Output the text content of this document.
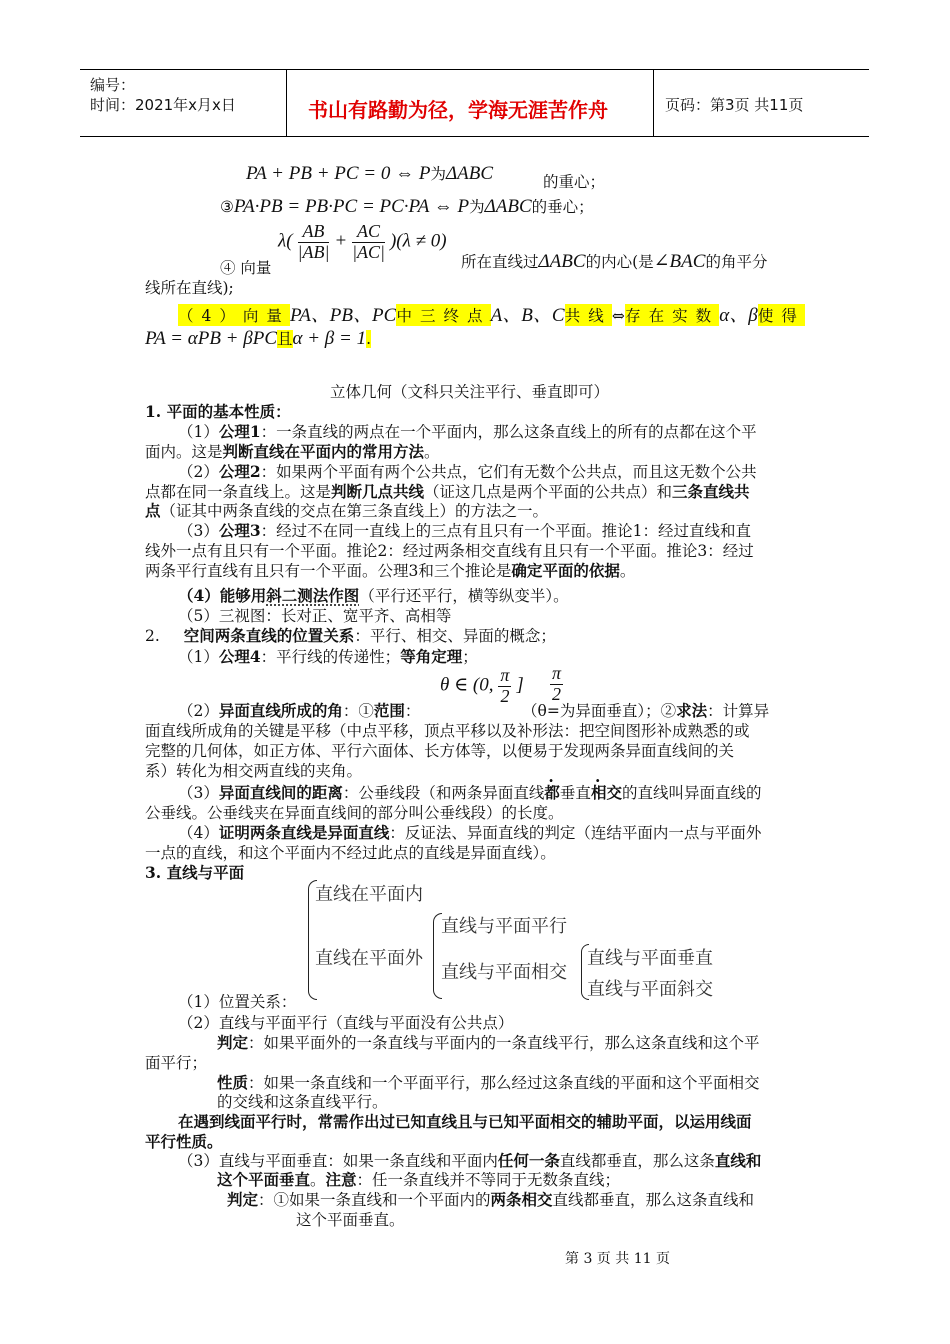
编号：
时间：2021年x月x日	书山有路勤为径，学海无涯苦作舟	页码：第3页 共11页
PA + PB + PC = 0 ⇔ P为ΔABC	的重心；
③PA·PB = PB·PC = PC·PA ⇔ P为ΔABC的垂心；
$\lambda( \frac{AB}{|AB|} + \frac{AC}{|AC|} )(\lambda \ne 0)$
④ 向量	所在直线过ΔABC的内心(是∠BAC的角平分
线所在直线);
（4）向量 PA、PB、PC 中三终点 A、B、C 共线 ⇔ 存在实数 α、β 使得
PA = αPB + βPC且α + β = 1.
立体几何（文科只关注平行、垂直即可）
1. 平面的基本性质：
（1）公理1：一条直线的两点在一个平面内，那么这条直线上的所有的点都在这个平
面内。这是判断直线在平面内的常用方法。
（2）公理2：如果两个平面有两个公共点，它们有无数个公共点，而且这无数个公共
点都在同一条直线上。这是判断几点共线（证这几点是两个平面的公共点）和三条直线共
点（证其中两条直线的交点在第三条直线上）的方法之一。
（3）公理3：经过不在同一直线上的三点有且只有一个平面。推论1：经过直线和直
线外一点有且只有一个平面。推论2：经过两条相交直线有且只有一个平面。推论3：经过
两条平行直线有且只有一个平面。公理3和三个推论是确定平面的依据。
（4）能够用斜二测法作图（平行还平行，横等纵变半）。
（5）三视图：长对正、宽平齐、高相等
2. 空间两条直线的位置关系：平行、相交、异面的概念；
（1）公理4：平行线的传递性；等角定理；
θ ∈ (0, $\frac{\pi}{2}$ ] $\frac{\pi}{2}$
（2）异面直线所成的角：①范围：	（θ=为异面垂直）；②求法：计算异
面直线所成角的关键是平移（中点平移，顶点平移以及补形法：把空间图形补成熟悉的或
完整的几何体，如正方体、平行六面体、长方体等，以便易于发现两条异面直线间的关
系）转化为相交两直线的夹角。
（3）异面直线间的距离：公垂线段（和两条异面直线都垂直相交的直线叫异面直线的
公垂线。公垂线夹在异面直线间的部分叫公垂线段）的长度。
（4）证明两条直线是异面直线：反证法、异面直线的判定（连结平面内一点与平面外
一点的直线，和这个平面内不经过此点的直线是异面直线）。
3. 直线与平面
直线在平面内
直线在平面外
直线与平面平行
直线与平面相交
直线与平面垂直
直线与平面斜交
（1）位置关系：
（2）直线与平面平行（直线与平面没有公共点）
判定：如果平面外的一条直线与平面内的一条直线平行，那么这条直线和这个平
面平行；
性质：如果一条直线和一个平面平行，那么经过这条直线的平面和这个平面相交
的交线和这条直线平行。
在遇到线面平行时，常需作出过已知直线且与已知平面相交的辅助平面，以运用线面
平行性质。
（3）直线与平面垂直：如果一条直线和平面内任何一条直线都垂直，那么这条直线和
这个平面垂直。注意：任一条直线并不等同于无数条直线；
判定：①如果一条直线和一个平面内的两条相交直线都垂直，那么这条直线和
这个平面垂直。
第 3 页 共 11 页
